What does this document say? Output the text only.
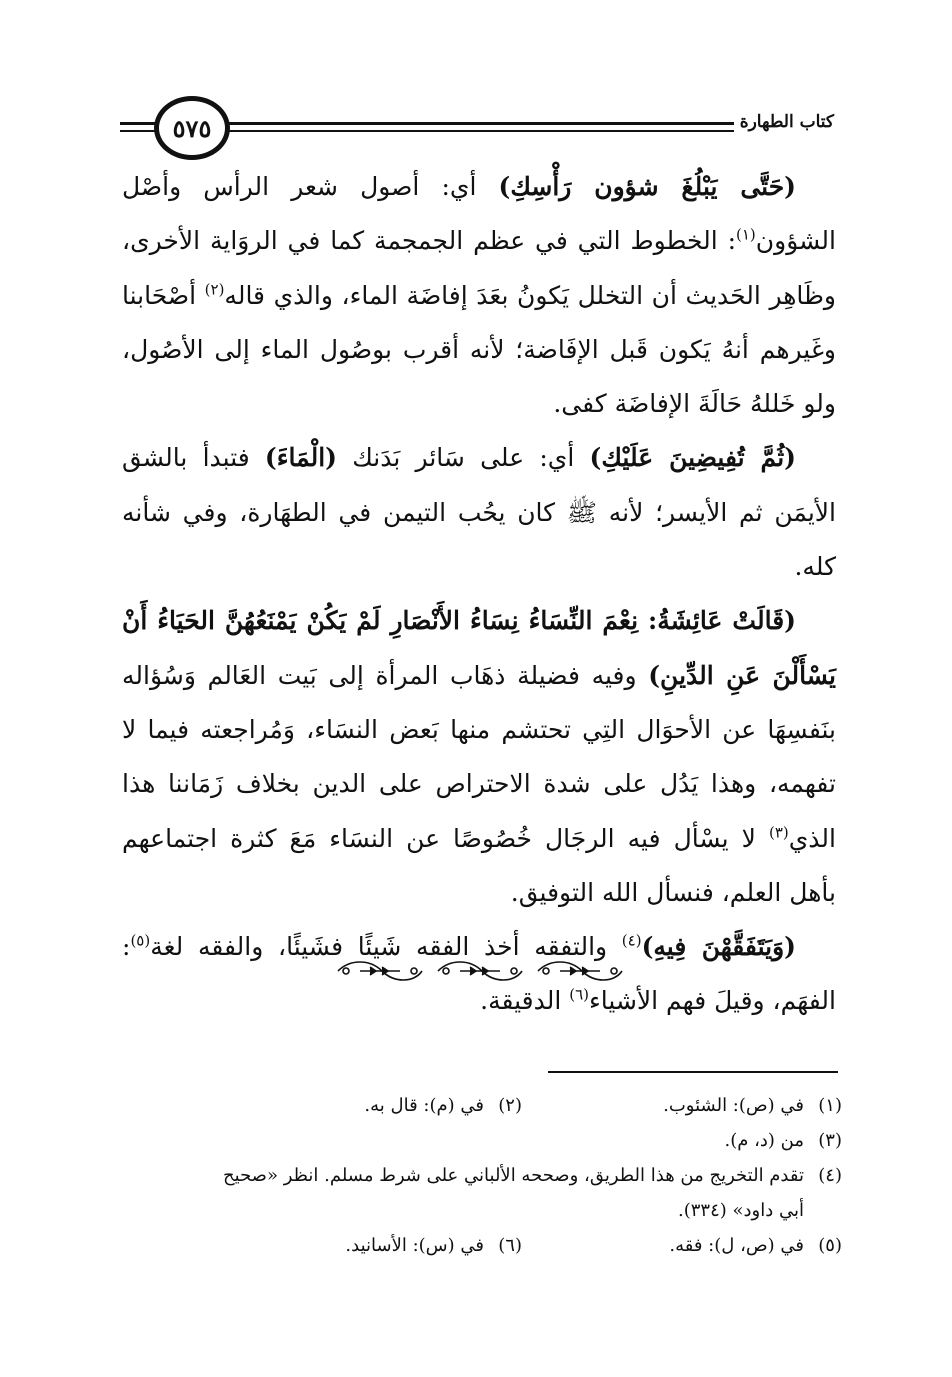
٥٧٥	كتاب الطهارة

(حَتَّى يَبْلُغَ شؤون رَأْسِكِ) أي: أصول شعر الرأس وأصْل الشؤون$^{(١)}$: الخطوط التي في عظم الجمجمة كما في الروَاية الأخرى، وظَاهِر الحَديث أن التخلل يَكونُ بعَدَ إفاضَة الماء، والذي قاله$^{(٢)}$ أصْحَابنا وغَيرهم أنهُ يَكون قَبل الإفَاضة؛ لأنه أقرب بوصُول الماء إلى الأصُول، ولو خَللهُ حَالَةَ الإفاضَة كفى.

(ثُمَّ تُفِيضِينَ عَلَيْكِ) أي: على سَائر بَدَنك (الْمَاءَ) فتبدأ بالشق الأيمَن ثم الأيسر؛ لأنه ﷺ كان يحُب التيمن في الطهَارة، وفي شأنه كله.

(قَالَتْ عَائِشَةُ: نِعْمَ النِّسَاءُ نِسَاءُ الأَنْصَارِ لَمْ يَكُنْ يَمْنَعُهُنَّ الحَيَاءُ أَنْ يَسْأَلْنَ عَنِ الدِّينِ) وفيه فضيلة ذهَاب المرأة إلى بَيت العَالم وَسُؤاله بنَفسِهَا عن الأحوَال التِي تحتشم منها بَعض النسَاء، وَمُراجعته فيما لا تفهمه، وهذا يَدُل على شدة الاحتراص على الدين بخلاف زَمَاننا هذا الذي$^{(٣)}$ لا يسْأل فيه الرجَال خُصُوصًا عن النسَاء مَعَ كثرة اجتماعهم بأهل العلم، فنسأل الله التوفيق.

(وَيَتَفَقَّهْنَ فِيهِ)$^{(٤)}$ والتفقه أخذ الفقه شَيئًا فشَيئًا، والفقه لغة$^{(٥)}$: الفهَم، وقيلَ فهم الأشياء$^{(٦)}$ الدقيقة.

(١)
في (ص): الشئوب.
(٢)
في (م): قال به.
(٣)
من (د، م).
(٤)
تقدم التخريج من هذا الطريق، وصححه الألباني على شرط مسلم. انظر «صحيح
أبي داود» (٣٣٤).
(٥)
في (ص، ل): فقه.
(٦)
في (س): الأسانيد.
